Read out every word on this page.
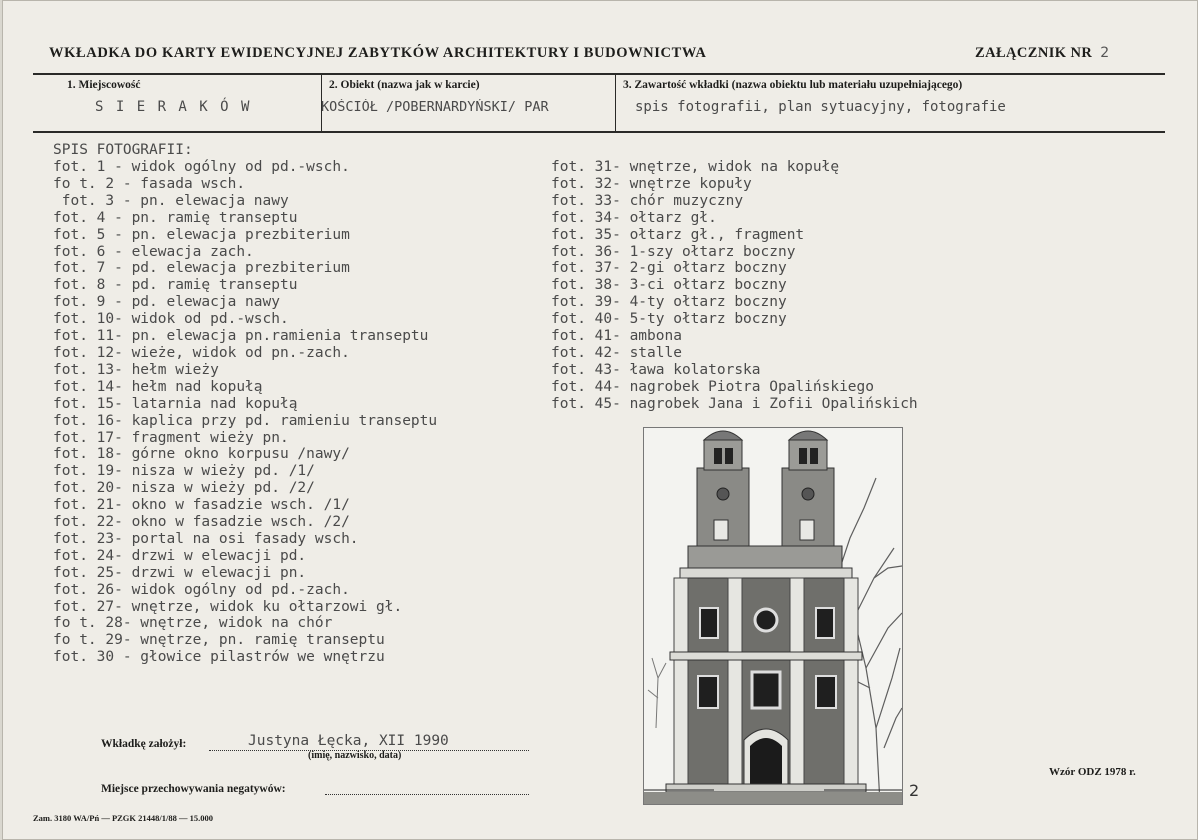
WKŁADKA DO KARTY EWIDENCYJNEJ ZABYTKÓW ARCHITEKTURY I BUDOWNICTWA	ZAŁĄCZNIK NR 2
1. Miejscowość
S I E R A K Ó W
2. Obiekt (nazwa jak w karcie)
KOŚCIÓŁ /POBERNARDYŃSKI/ PAR
3. Zawartość wkładki (nazwa obiektu lub materiału uzupełniającego)
spis fotografii, plan sytuacyjny, fotografie
SPIS FOTOGRAFII:
fot. 1 - widok ogólny od pd.-wsch.
fo t. 2 - fasada wsch.
fot. 3 - pn. elewacja nawy
fot. 4 - pn. ramię transeptu
fot. 5 - pn. elewacja prezbiterium
fot. 6 - elewacja zach.
fot. 7 - pd. elewacja prezbiterium
fot. 8 - pd. ramię transeptu
fot. 9 - pd. elewacja nawy
fot. 10- widok od pd.-wsch.
fot. 11- pn. elewacja pn.ramienia transeptu
fot. 12- wieże, widok od pn.-zach.
fot. 13- hełm wieży
fot. 14- hełm nad kopułą
fot. 15- latarnia nad kopułą
fot. 16- kaplica przy pd. ramieniu transeptu
fot. 17- fragment wieży pn.
fot. 18- górne okno korpusu /nawy/
fot. 19- nisza w wieży pd. /1/
fot. 20- nisza w wieży pd. /2/
fot. 21- okno w fasadzie wsch. /1/
fot. 22- okno w fasadzie wsch. /2/
fot. 23- portal na osi fasady wsch.
fot. 24- drzwi w elewacji pd.
fot. 25- drzwi w elewacji pn.
fot. 26- widok ogólny od pd.-zach.
fot. 27- wnętrze, widok ku ołtarzowi gł.
fo t. 28- wnętrze, widok na chór
fo t. 29- wnętrze, pn. ramię transeptu
fot. 30 - głowice pilastrów we wnętrzu
fot. 31- wnętrze, widok na kopułę
fot. 32- wnętrze kopuły
fot. 33- chór muzyczny
fot. 34- ołtarz gł.
fot. 35- ołtarz gł., fragment
fot. 36- 1-szy ołtarz boczny
fot. 37- 2-gi ołtarz boczny
fot. 38- 3-ci ołtarz boczny
fot. 39- 4-ty ołtarz boczny
fot. 40- 5-ty ołtarz boczny
fot. 41- ambona
fot. 42- stalle
fot. 43- ława kolatorska
fot. 44- nagrobek Piotra Opalińskiego
fot. 45- nagrobek Jana i Zofii Opalińskich
2
Wkładkę założył:	Justyna Łęcka, XII 1990
(imię, nazwisko, data)
Miejsce przechowywania negatywów:
Wzór ODZ 1978 r.
Zam. 3180 WA/Pń — PZGK 21448/1/88 — 15.000
